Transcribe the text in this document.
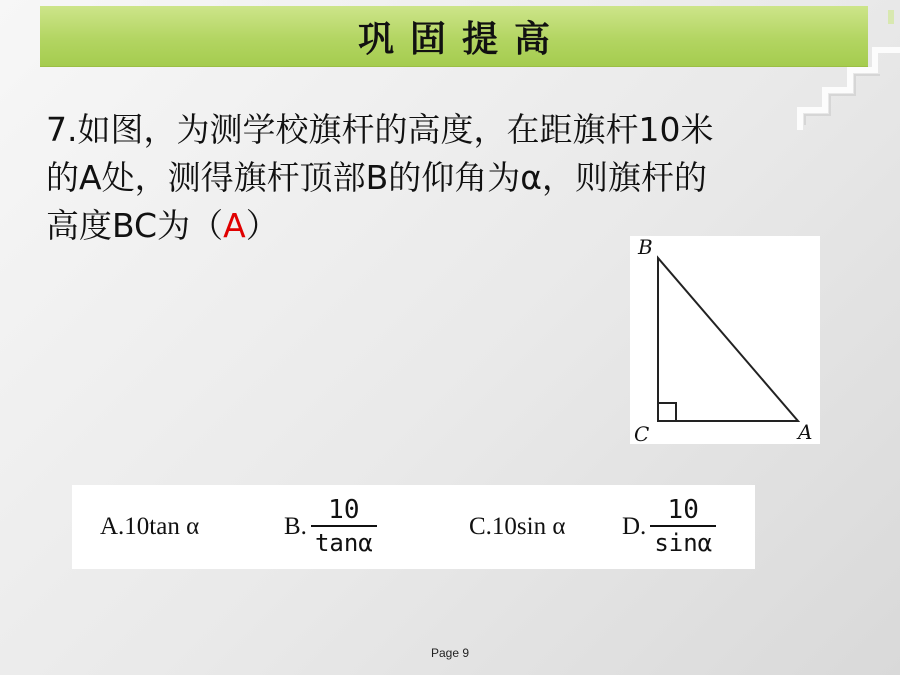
巩固提高
7.如图，为测学校旗杆的高度，在距旗杆10米
的A处，测得旗杆顶部B的仰角为α，则旗杆的
高度BC为（A）
B
C	A
A.10tan α	B. $\frac{10}{\tan\alpha}$	C.10sin α D. $\frac{10}{\sin\alpha}$
Page 9
